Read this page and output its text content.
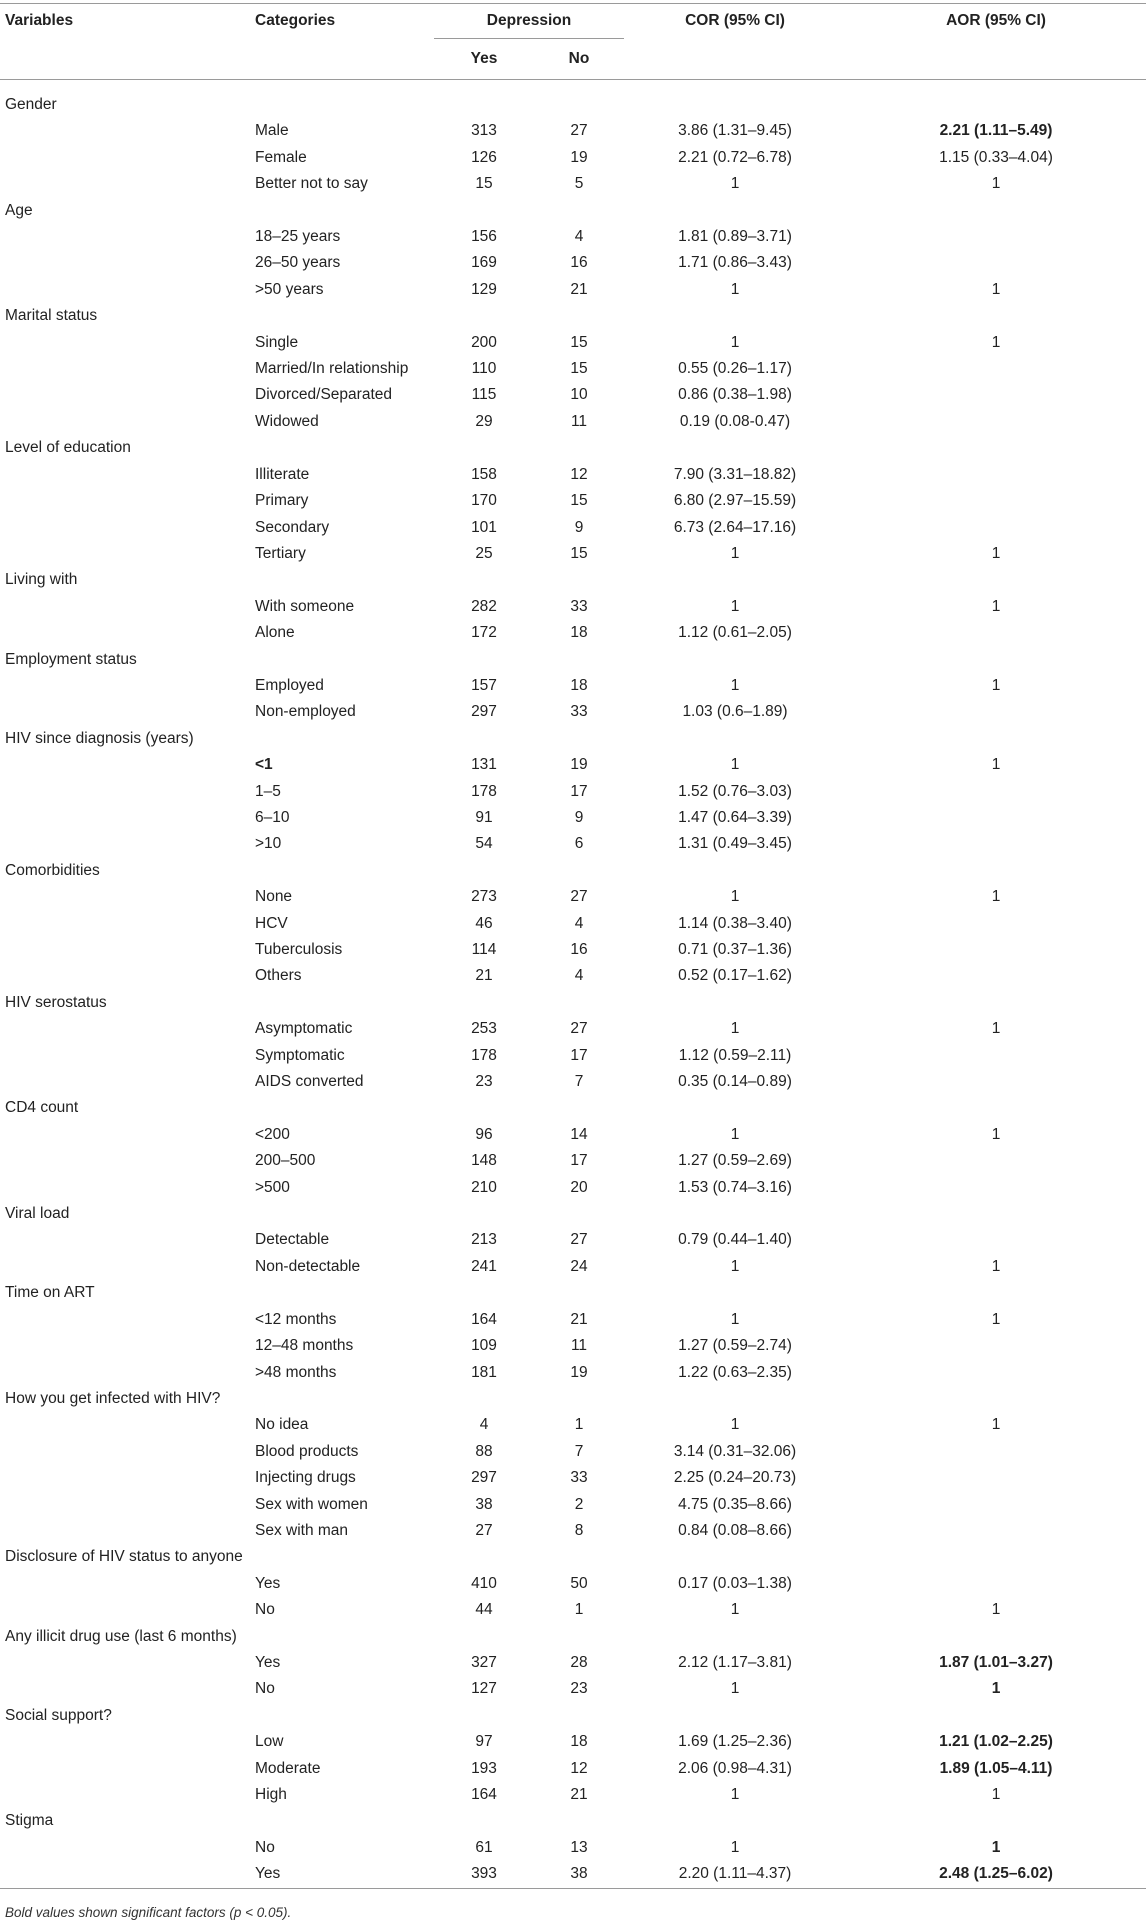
Variables	Categories	Depression		COR (95% CI)	AOR (95% CI)
		Yes	No		

Gender					
	Male	313	27	3.86 (1.31–9.45)	2.21 (1.11–5.49)
	Female	126	19	2.21 (0.72–6.78)	1.15 (0.33–4.04)
	Better not to say	15	5	1	1
Age					
	18–25 years	156	4	1.81 (0.89–3.71)	
	26–50 years	169	16	1.71 (0.86–3.43)	
	>50 years	129	21	1	1
Marital status					
	Single	200	15	1	1
	Married/In relationship	110	15	0.55 (0.26–1.17)	
	Divorced/Separated	115	10	0.86 (0.38–1.98)	
	Widowed	29	11	0.19 (0.08-0.47)	
Level of education					
	Illiterate	158	12	7.90 (3.31–18.82)	
	Primary	170	15	6.80 (2.97–15.59)	
	Secondary	101	9	6.73 (2.64–17.16)	
	Tertiary	25	15	1	1
Living with					
	With someone	282	33	1	1
	Alone	172	18	1.12 (0.61–2.05)	
Employment status					
	Employed	157	18	1	1
	Non-employed	297	33	1.03 (0.6–1.89)	
HIV since diagnosis (years)					
	<1	131	19	1	1
	1–5	178	17	1.52 (0.76–3.03)	
	6–10	91	9	1.47 (0.64–3.39)	
	>10	54	6	1.31 (0.49–3.45)	
Comorbidities					
	None	273	27	1	1
	HCV	46	4	1.14 (0.38–3.40)	
	Tuberculosis	114	16	0.71 (0.37–1.36)	
	Others	21	4	0.52 (0.17–1.62)	
HIV serostatus					
	Asymptomatic	253	27	1	1
	Symptomatic	178	17	1.12 (0.59–2.11)	
	AIDS converted	23	7	0.35 (0.14–0.89)	
CD4 count					
	<200	96	14	1	1
	200–500	148	17	1.27 (0.59–2.69)	
	>500	210	20	1.53 (0.74–3.16)	
Viral load					
	Detectable	213	27	0.79 (0.44–1.40)	
	Non-detectable	241	24	1	1
Time on ART					
	<12 months	164	21	1	1
	12–48 months	109	11	1.27 (0.59–2.74)	
	>48 months	181	19	1.22 (0.63–2.35)	
How you get infected with HIV?					
	No idea	4	1	1	1
	Blood products	88	7	3.14 (0.31–32.06)	
	Injecting drugs	297	33	2.25 (0.24–20.73)	
	Sex with women	38	2	4.75 (0.35–8.66)	
	Sex with man	27	8	0.84 (0.08–8.66)	
Disclosure of HIV status to anyone					
	Yes	410	50	0.17 (0.03–1.38)	
	No	44	1	1	1
Any illicit drug use (last 6 months)					
	Yes	327	28	2.12 (1.17–3.81)	1.87 (1.01–3.27)
	No	127	23	1	1
Social support?					
	Low	97	18	1.69 (1.25–2.36)	1.21 (1.02–2.25)
	Moderate	193	12	2.06 (0.98–4.31)	1.89 (1.05–4.11)
	High	164	21	1	1
Stigma					
	No	61	13	1	1
	Yes	393	38	2.20 (1.11–4.37)	2.48 (1.25–6.02)
Bold values shown significant factors (p < 0.05).
